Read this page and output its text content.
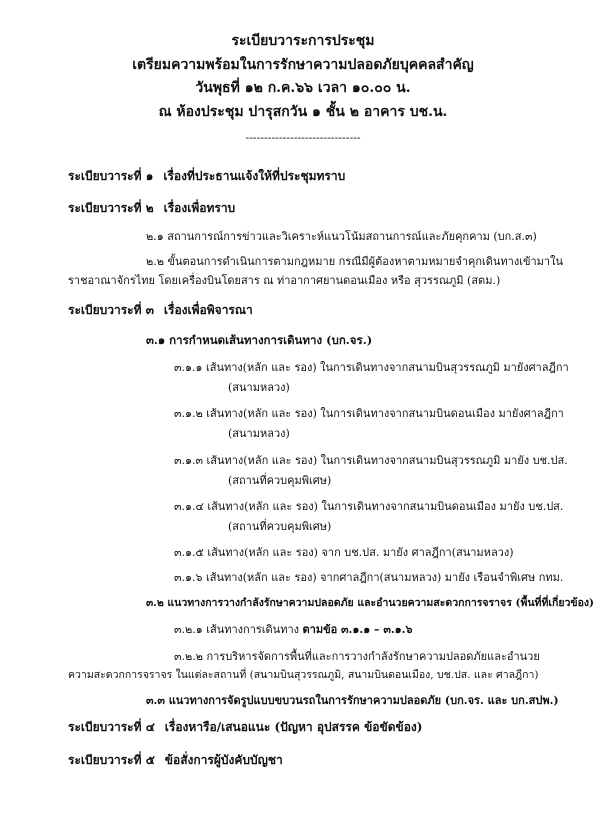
ระเบียบวาระการประชุม
เตรียมความพร้อมในการรักษาความปลอดภัยบุคคลสำคัญ
วันพุธที่ ๑๒ ก.ค.๖๖ เวลา ๑๐.๐๐ น.
ณ ห้องประชุม ปารุสกวัน ๑ ชั้น ๒ อาคาร บช.น.
-------------------------------
ระเบียบวาระที่ ๑ เรื่องที่ประธานแจ้งให้ที่ประชุมทราบ
ระเบียบวาระที่ ๒ เรื่องเพื่อทราบ
๒.๑ สถานการณ์การข่าวและวิเคราะห์แนวโน้มสถานการณ์และภัยคุกคาม (บก.ส.๓)
๒.๒ ขั้นตอนการดำเนินการตามกฎหมาย กรณีมีผู้ต้องหาตามหมายจำคุกเดินทางเข้ามาใน
ราชอาณาจักรไทย โดยเครื่องบินโดยสาร ณ ท่าอากาศยานดอนเมือง หรือ สุวรรณภูมิ (สตม.)
ระเบียบวาระที่ ๓ เรื่องเพื่อพิจารณา
๓.๑ การกำหนดเส้นทางการเดินทาง (บก.จร.)
๓.๑.๑ เส้นทาง(หลัก และ รอง) ในการเดินทางจากสนามบินสุวรรณภูมิ มายังศาลฎีกา
(สนามหลวง)
๓.๑.๒ เส้นทาง(หลัก และ รอง) ในการเดินทางจากสนามบินดอนเมือง มายังศาลฎีกา
(สนามหลวง)
๓.๑.๓ เส้นทาง(หลัก และ รอง) ในการเดินทางจากสนามบินสุวรรณภูมิ มายัง บช.ปส.
(สถานที่ควบคุมพิเศษ)
๓.๑.๔ เส้นทาง(หลัก และ รอง) ในการเดินทางจากสนามบินดอนเมือง มายัง บช.ปส.
(สถานที่ควบคุมพิเศษ)
๓.๑.๕ เส้นทาง(หลัก และ รอง) จาก บช.ปส. มายัง ศาลฎีกา(สนามหลวง)
๓.๑.๖ เส้นทาง(หลัก และ รอง) จากศาลฎีกา(สนามหลวง) มายัง เรือนจำพิเศษ กทม.
๓.๒ แนวทางการวางกำลังรักษาความปลอดภัย และอำนวยความสะดวกการจราจร (พื้นที่ที่เกี่ยวข้อง)
๓.๒.๑ เส้นทางการเดินทาง ตามข้อ ๓.๑.๑ – ๓.๑.๖
๓.๒.๒ การบริหารจัดการพื้นที่และการวางกำลังรักษาความปลอดภัยและอำนวย
ความสะดวกการจราจร ในแต่ละสถานที่ (สนามบินสุวรรณภูมิ, สนามบินดอนเมือง, บช.ปส. และ ศาลฎีกา)
๓.๓ แนวทางการจัดรูปแบบขบวนรถในการรักษาความปลอดภัย (บก.จร. และ บก.สปพ.)
ระเบียบวาระที่ ๔ เรื่องหารือ/เสนอแนะ (ปัญหา อุปสรรค ข้อขัดข้อง)
ระเบียบวาระที่ ๕ ข้อสั่งการผู้บังคับบัญชา
